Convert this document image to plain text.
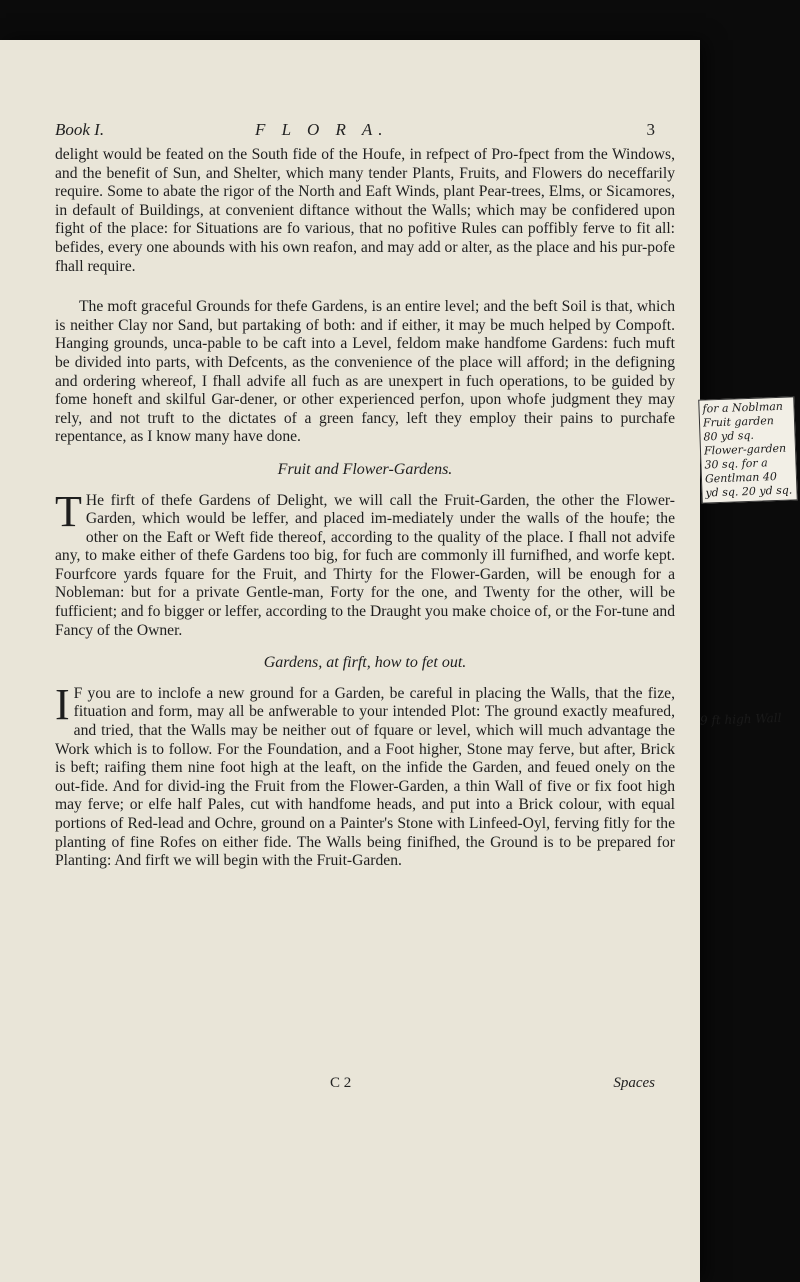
Book I.	F L O R A.	3

delight would be feated on the South fide of the Houfe, in refpect of Pro-fpect from the Windows, and the benefit of Sun, and Shelter, which many tender Plants, Fruits, and Flowers do neceffarily require. Some to abate the rigor of the North and Eaft Winds, plant Pear-trees, Elms, or Sicamores, in default of Buildings, at convenient diftance without the Walls; which may be confidered upon fight of the place: for Situations are fo various, that no pofitive Rules can poffibly ferve to fit all: befides, every one abounds with his own reafon, and may add or alter, as the place and his pur-pofe fhall require.

The moft graceful Grounds for thefe Gardens, is an entire level; and the beft Soil is that, which is neither Clay nor Sand, but partaking of both: and if either, it may be much helped by Compoft. Hanging grounds, unca-pable to be caft into a Level, feldom make handfome Gardens: fuch muft be divided into parts, with Defcents, as the convenience of the place will afford; in the defigning and ordering whereof, I fhall advife all fuch as are unexpert in fuch operations, to be guided by fome honeft and skilful Gar-dener, or other experienced perfon, upon whofe judgment they may rely, and not truft to the dictates of a green fancy, left they employ their pains to purchafe repentance, as I know many have done.

Fruit and Flower-Gardens.

T He firft of thefe Gardens of Delight, we will call the Fruit-Garden, the other the Flower-Garden, which would be leffer, and placed im-mediately under the walls of the houfe; the other on the Eaft or Weft fide thereof, according to the quality of the place. I fhall not advife any, to make either of thefe Gardens too big, for fuch are commonly ill furnifhed, and worfe kept. Fourfcore yards fquare for the Fruit, and Thirty for the Flower-Garden, will be enough for a Nobleman: but for a private Gentle-man, Forty for the one, and Twenty for the other, will be fufficient; and fo bigger or leffer, according to the Draught you make choice of, or the For-tune and Fancy of the Owner.

Gardens, at firft, how to fet out.

I F you are to inclofe a new ground for a Garden, be careful in placing the Walls, that the fize, fituation and form, may all be anfwerable to your intended Plot: The ground exactly meafured, and tried, that the Walls may be neither out of fquare or level, which will much advantage the Work which is to follow. For the Foundation, and a Foot higher, Stone may ferve, but after, Brick is beft; raifing them nine foot high at the leaft, on the infide the Garden, and feued onely on the out-fide. And for divid-ing the Fruit from the Flower-Garden, a thin Wall of five or fix foot high may ferve; or elfe half Pales, cut with handfome heads, and put into a Brick colour, with equal portions of Red-lead and Ochre, ground on a Painter's Stone with Linfeed-Oyl, ferving fitly for the planting of fine Rofes on either fide. The Walls being finifhed, the Ground is to be prepared for Planting: And firft we will begin with the Fruit-Garden.

C 2	Spaces
for a Noblman Fruit garden 80 yd sq. Flower-garden 30 sq. for a Gentlman 40 yd sq. 20 yd sq.
9 ft high Wall
